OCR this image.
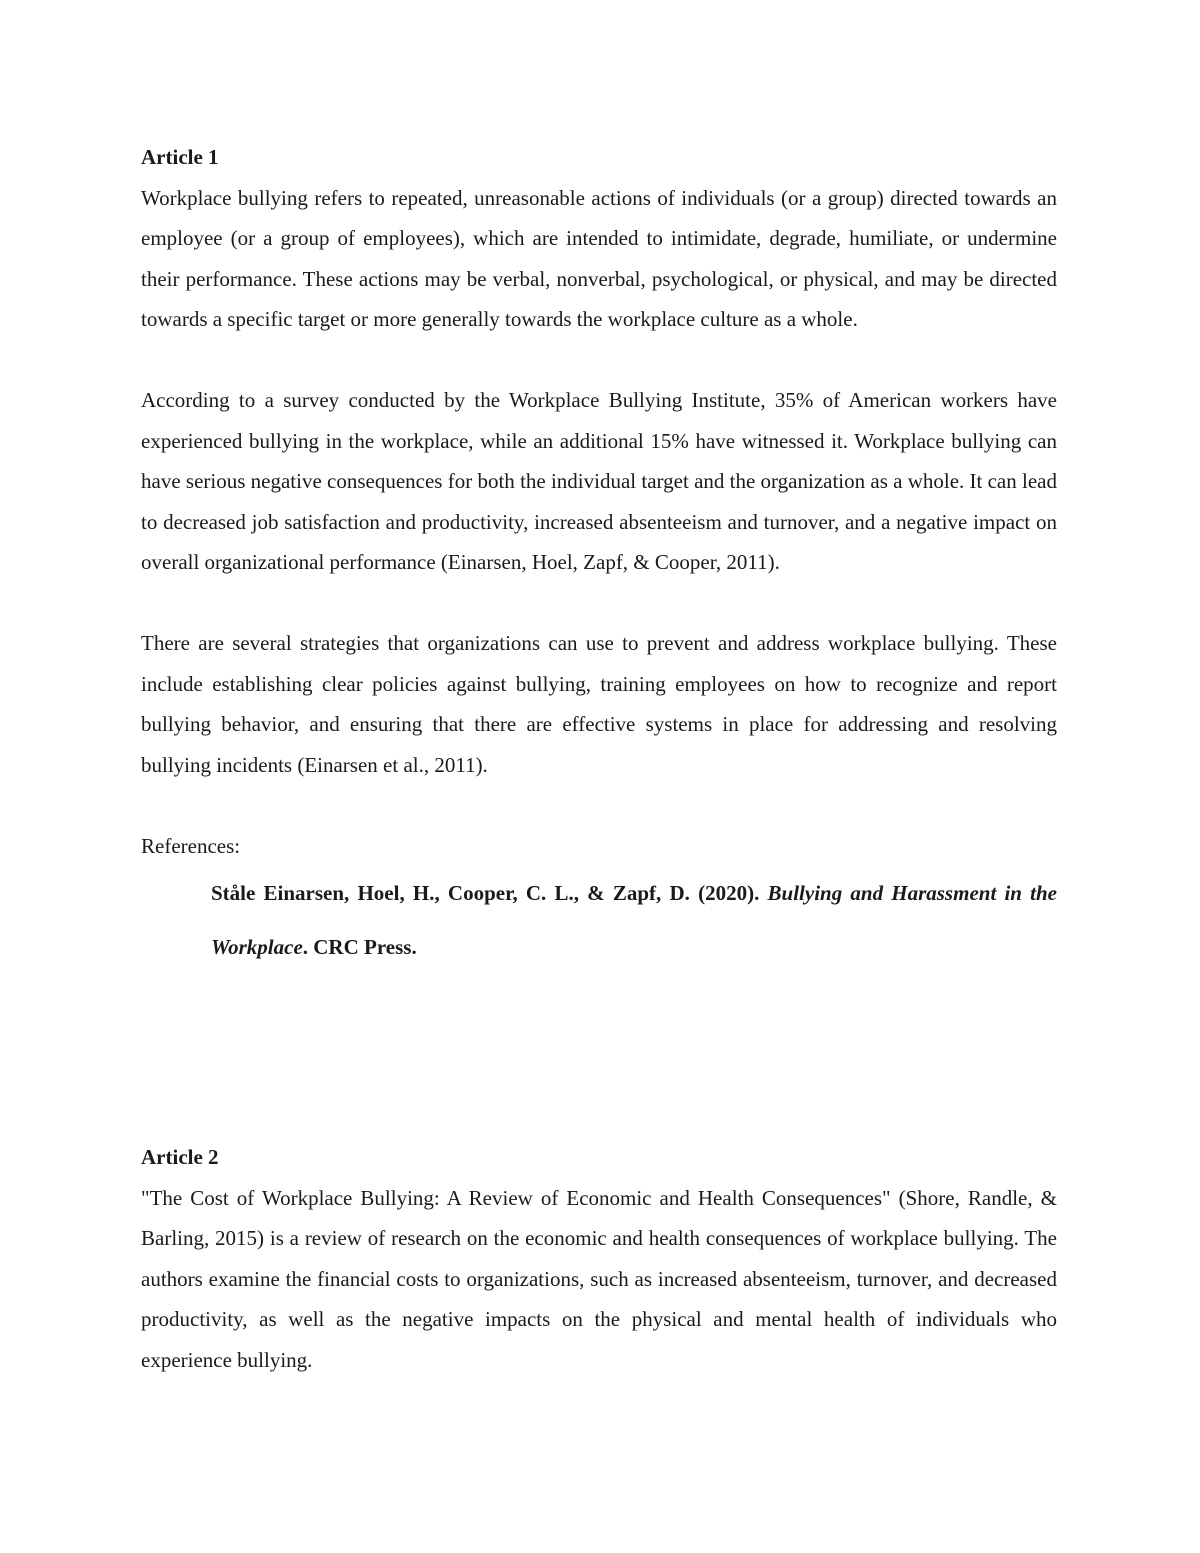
Article 1

Workplace bullying refers to repeated, unreasonable actions of individuals (or a group) directed towards an employee (or a group of employees), which are intended to intimidate, degrade, humiliate, or undermine their performance. These actions may be verbal, nonverbal, psychological, or physical, and may be directed towards a specific target or more generally towards the workplace culture as a whole.

According to a survey conducted by the Workplace Bullying Institute, 35% of American workers have experienced bullying in the workplace, while an additional 15% have witnessed it. Workplace bullying can have serious negative consequences for both the individual target and the organization as a whole. It can lead to decreased job satisfaction and productivity, increased absenteeism and turnover, and a negative impact on overall organizational performance (Einarsen, Hoel, Zapf, & Cooper, 2011).

There are several strategies that organizations can use to prevent and address workplace bullying. These include establishing clear policies against bullying, training employees on how to recognize and report bullying behavior, and ensuring that there are effective systems in place for addressing and resolving bullying incidents (Einarsen et al., 2011).

References:

Ståle Einarsen, Hoel, H., Cooper, C. L., & Zapf, D. (2020). Bullying and Harassment in the Workplace. CRC Press.

Article 2

"The Cost of Workplace Bullying: A Review of Economic and Health Consequences" (Shore, Randle, & Barling, 2015) is a review of research on the economic and health consequences of workplace bullying. The authors examine the financial costs to organizations, such as increased absenteeism, turnover, and decreased productivity, as well as the negative impacts on the physical and mental health of individuals who experience bullying.
